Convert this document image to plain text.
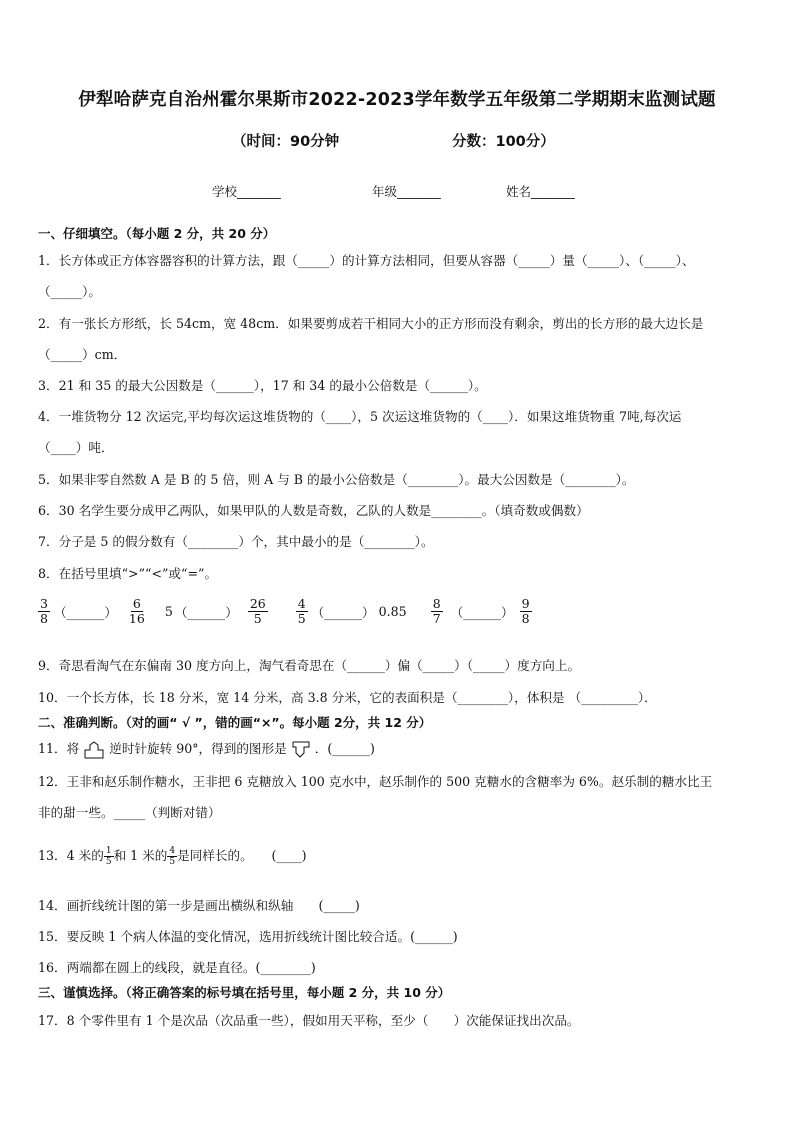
伊犁哈萨克自治州霍尔果斯市2022-2023学年数学五年级第二学期期末监测试题
（时间：90分钟	分数：100分）
学校_______	年级_______	姓名_______
一、仔细填空。（每小题 2 分，共 20 分）
1．长方体或正方体容器容积的计算方法，跟（_____）的计算方法相同，但要从容器（_____）量（_____）、（_____）、
（_____）。
2．有一张长方形纸，长 54cm，宽 48cm．如果要剪成若干相同大小的正方形而没有剩余，剪出的长方形的最大边长是
（_____）cm．
3．21 和 35 的最大公因数是（______），17 和 34 的最小公倍数是（______）。
4．一堆货物分 12 次运完,平均每次运这堆货物的（____），5 次运这堆货物的（____）．如果这堆货物重 7吨,每次运
（____）吨．
5．如果非零自然数 A 是 B 的 5 倍，则 A 与 B 的最小公倍数是（________）。最大公因数是（________）。
6．30 名学生要分成甲乙两队，如果甲队的人数是奇数，乙队的人数是________。（填奇数或偶数）
7．分子是 5 的假分数有（________）个，其中最小的是（________）。
8．在括号里填“>”“<”或“=”。
$\frac{3}{8}$ （______） $\frac{6}{16} 5$ （______） $\frac{26}{5} \frac{4}{5}$ （______） $0.85 \frac{8}{7}$ （______） $\frac{9}{8}$
9．奇思看淘气在东偏南 30 度方向上，淘气看奇思在（______）偏（_____）（_____）度方向上。
10．一个长方体，长 18 分米，宽 14 分米，高 3.8 分米，它的表面积是（________），体积是 （_________）．
二、准确判断。（对的画“ √ ”，错的画“×”。每小题 2分，共 12 分）
11．将 逆时针旋转 90°，得到的图形是 ．(______)
12．王非和赵乐制作糖水，王非把 6 克糖放入 100 克水中，赵乐制作的 500 克糖水的含糖率为 6%。赵乐制的糖水比王
非的甜一些。_____（判断对错）
13．4 米的 $\frac{1}{5}$ 和 1 米的 $\frac{4}{5}$ 是同样长的。　　(____)
14．画折线统计图的第一步是画出横纵和纵轴　　(_____)
15．要反映 1 个病人体温的变化情况，选用折线统计图比较合适。(______)
16．两端都在圆上的线段，就是直径。(________)
三、谨慎选择。（将正确答案的标号填在括号里，每小题 2 分，共 10 分）
17．8 个零件里有 1 个是次品（次品重一些），假如用天平称，至少（　　）次能保证找出次品。
